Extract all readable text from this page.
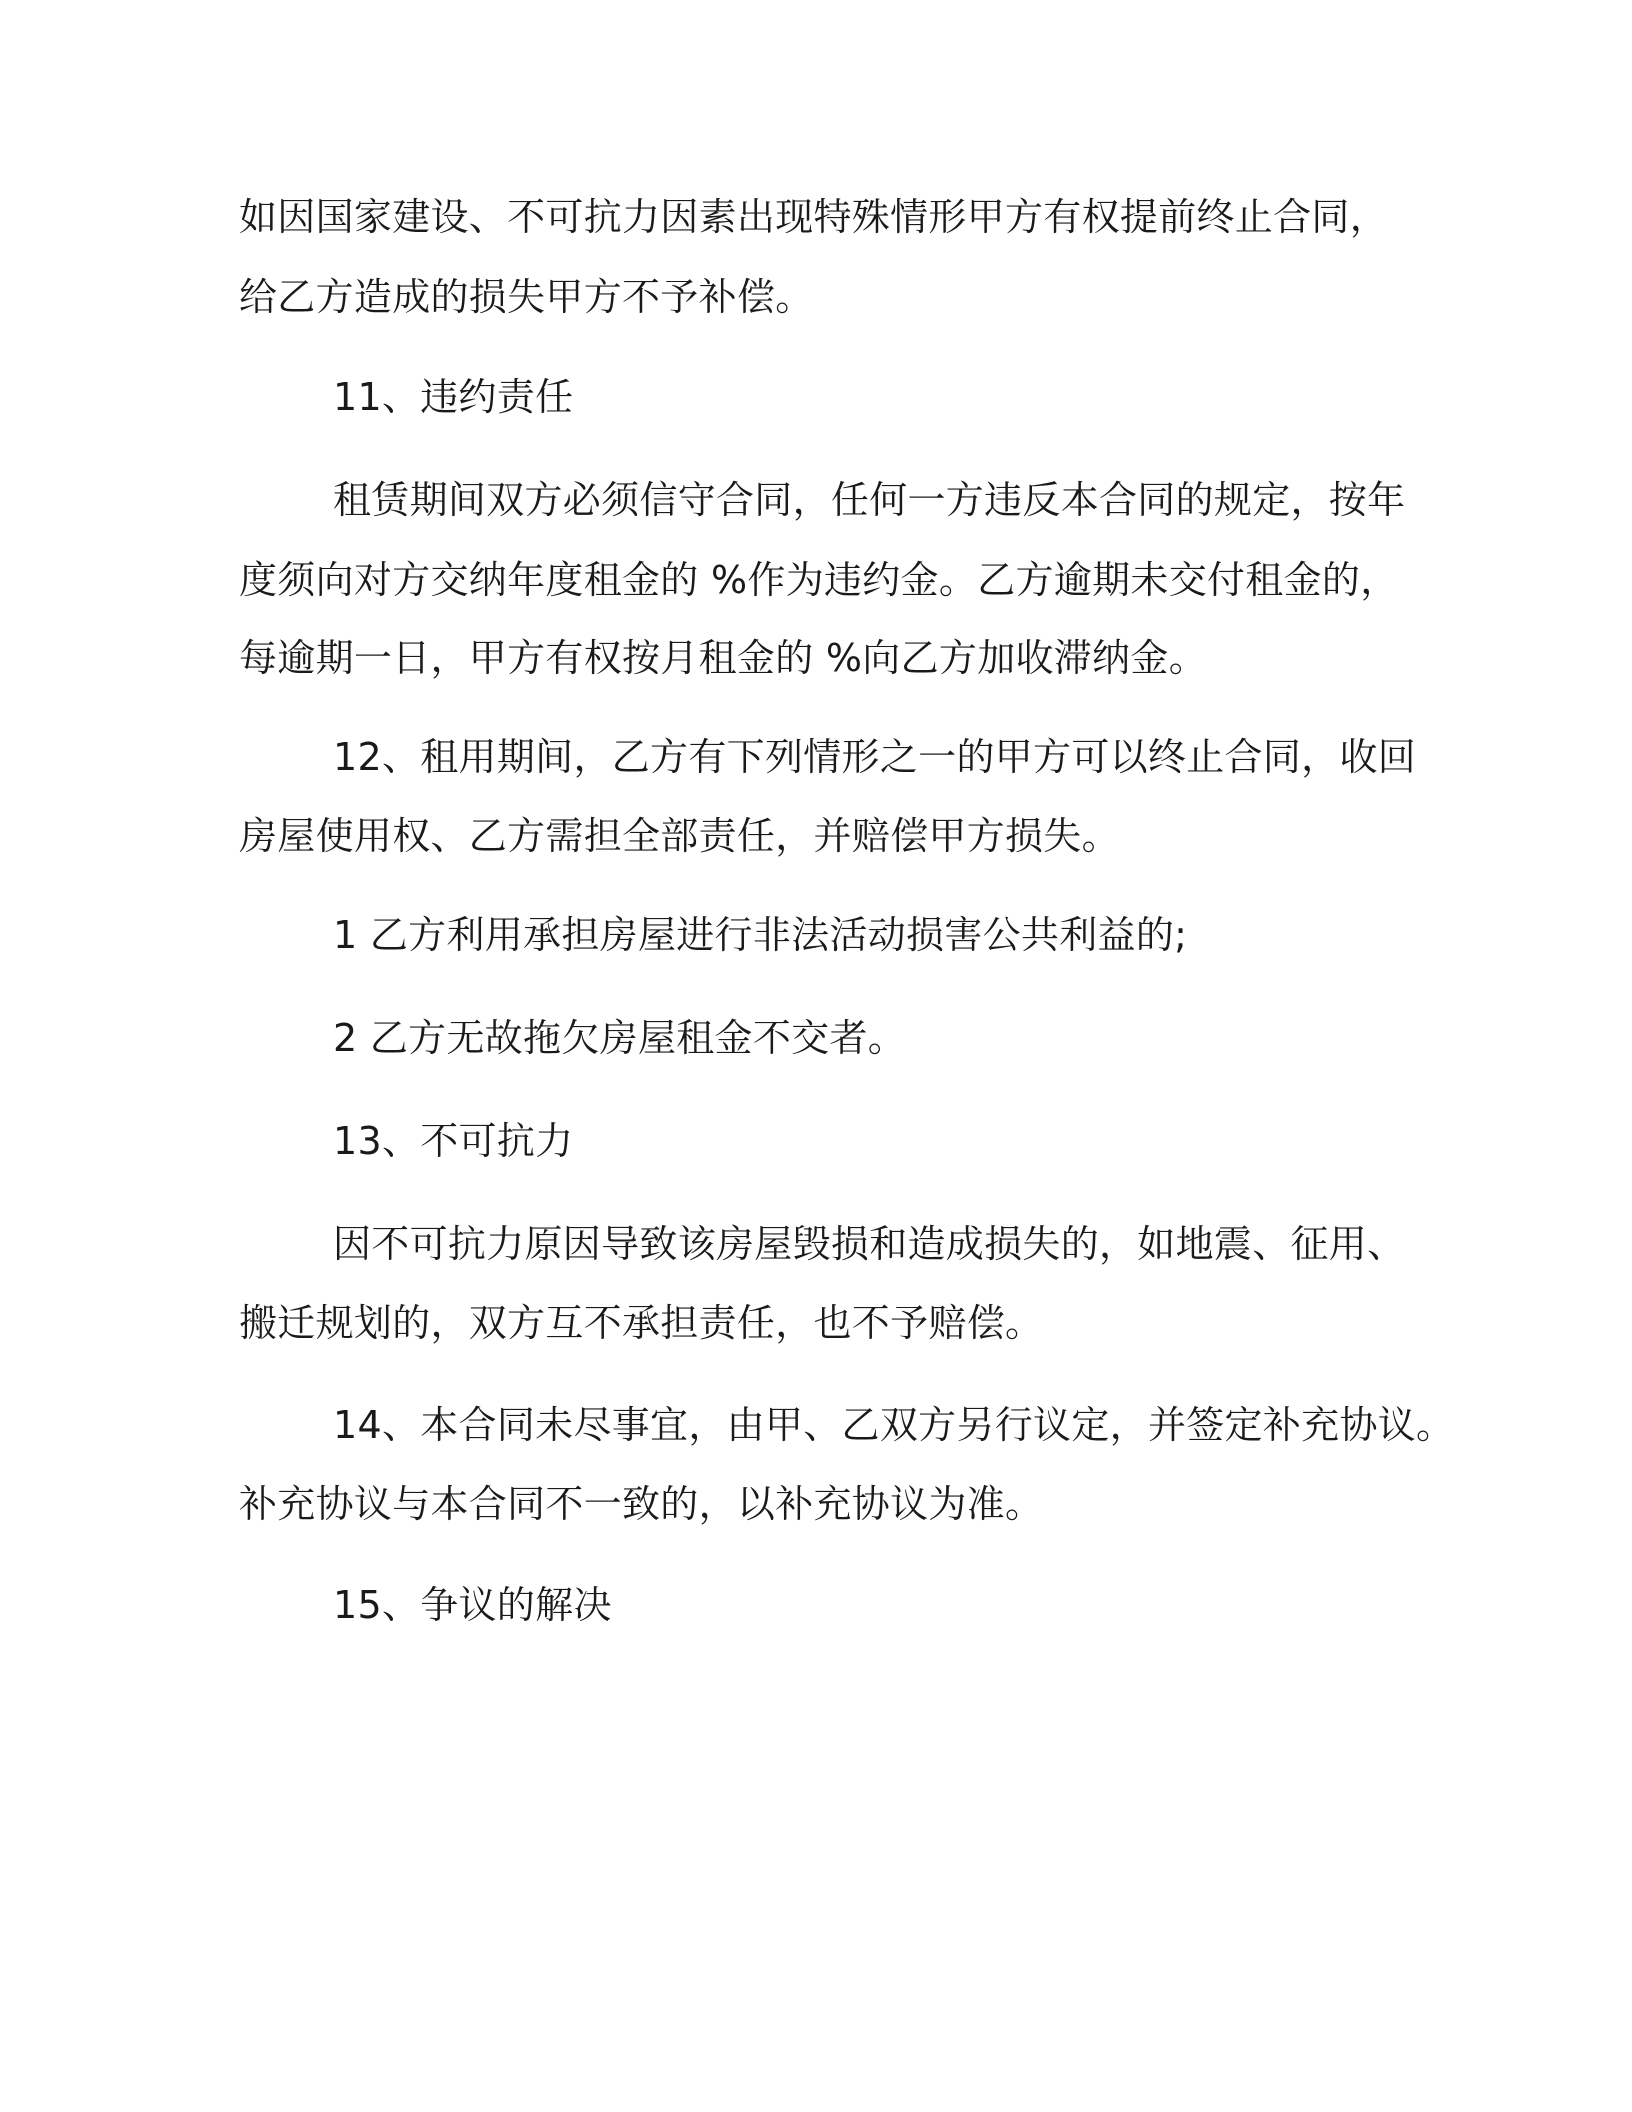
如因国家建设、不可抗力因素出现特殊情形甲方有权提前终止合同，
给乙方造成的损失甲方不予补偿。
11、违约责任
租赁期间双方必须信守合同，任何一方违反本合同的规定，按年
度须向对方交纳年度租金的 %作为违约金。乙方逾期未交付租金的，
每逾期一日，甲方有权按月租金的 %向乙方加收滞纳金。
12、租用期间，乙方有下列情形之一的甲方可以终止合同，收回
房屋使用权、乙方需担全部责任，并赔偿甲方损失。
1 乙方利用承担房屋进行非法活动损害公共利益的;
2 乙方无故拖欠房屋租金不交者。
13、不可抗力
因不可抗力原因导致该房屋毁损和造成损失的，如地震、征用、
搬迁规划的，双方互不承担责任，也不予赔偿。
14、本合同未尽事宜，由甲、乙双方另行议定，并签定补充协议。
补充协议与本合同不一致的，以补充协议为准。
15、争议的解决
